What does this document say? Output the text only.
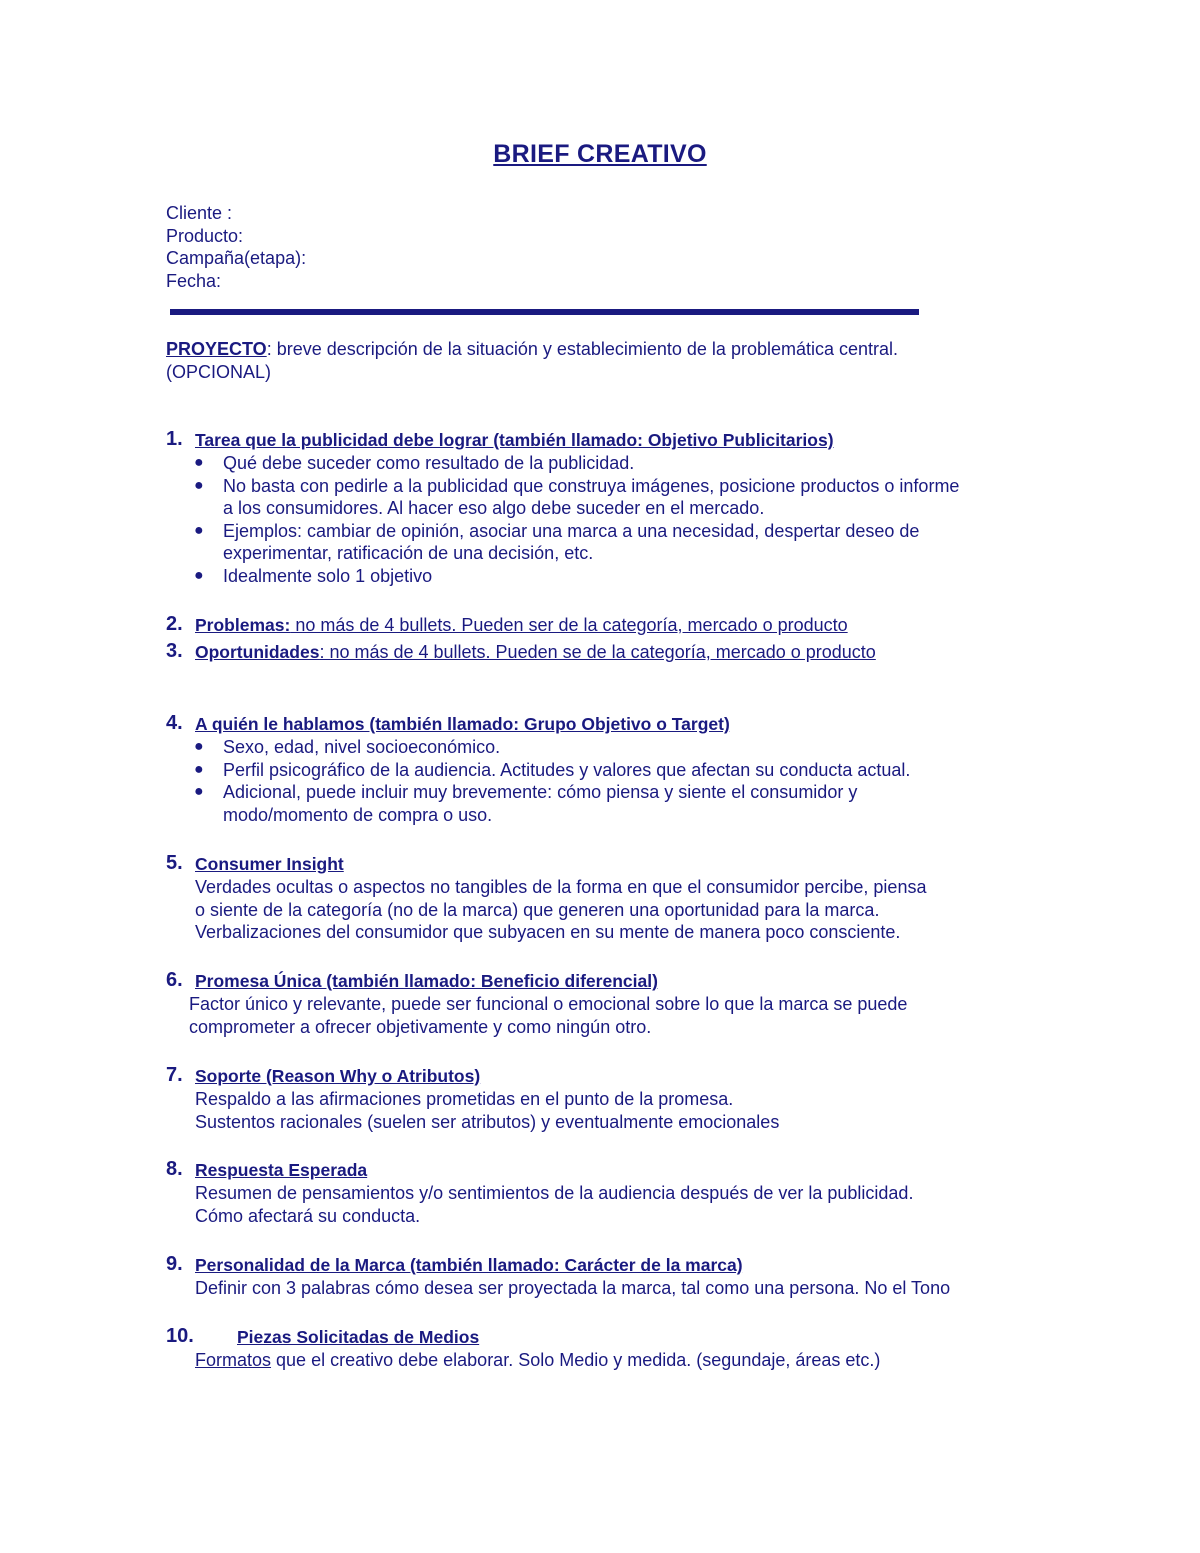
BRIEF CREATIVO
Cliente :
Producto:
Campaña(etapa):
Fecha:
PROYECTO: breve descripción de la situación y establecimiento de la problemática central.
(OPCIONAL)
1. Tarea que la publicidad debe lograr (también llamado: Objetivo Publicitarios)
● Qué debe suceder como resultado de la publicidad.
● No basta con pedirle a la publicidad que construya imágenes, posicione productos o informe
a los consumidores. Al hacer eso algo debe suceder en el mercado.
● Ejemplos: cambiar de opinión, asociar una marca a una necesidad, despertar deseo de
experimentar, ratificación de una decisión, etc.
● Idealmente solo 1 objetivo
2. Problemas: no más de 4 bullets. Pueden ser de la categoría, mercado o producto
3. Oportunidades: no más de 4 bullets. Pueden se de la categoría, mercado o producto
4. A quién le hablamos (también llamado: Grupo Objetivo o Target)
● Sexo, edad, nivel socioeconómico.
● Perfil psicográfico de la audiencia. Actitudes y valores que afectan su conducta actual.
● Adicional, puede incluir muy brevemente: cómo piensa y siente el consumidor y
modo/momento de compra o uso.
5. Consumer Insight
Verdades ocultas o aspectos no tangibles de la forma en que el consumidor percibe, piensa
o siente de la categoría (no de la marca) que generen una oportunidad para la marca.
Verbalizaciones del consumidor que subyacen en su mente de manera poco consciente.
6. Promesa Única (también llamado: Beneficio diferencial)
Factor único y relevante, puede ser funcional o emocional sobre lo que la marca se puede
comprometer a ofrecer objetivamente y como ningún otro.
7. Soporte (Reason Why o Atributos)
Respaldo a las afirmaciones prometidas en el punto de la promesa.
Sustentos racionales (suelen ser atributos) y eventualmente emocionales
8. Respuesta Esperada
Resumen de pensamientos y/o sentimientos de la audiencia después de ver la publicidad.
Cómo afectará su conducta.
9. Personalidad de la Marca (también llamado: Carácter de la marca)
Definir con 3 palabras cómo desea ser proyectada la marca, tal como una persona. No el Tono
10. Piezas Solicitadas de Medios
Formatos que el creativo debe elaborar. Solo Medio y medida. (segundaje, áreas etc.)
